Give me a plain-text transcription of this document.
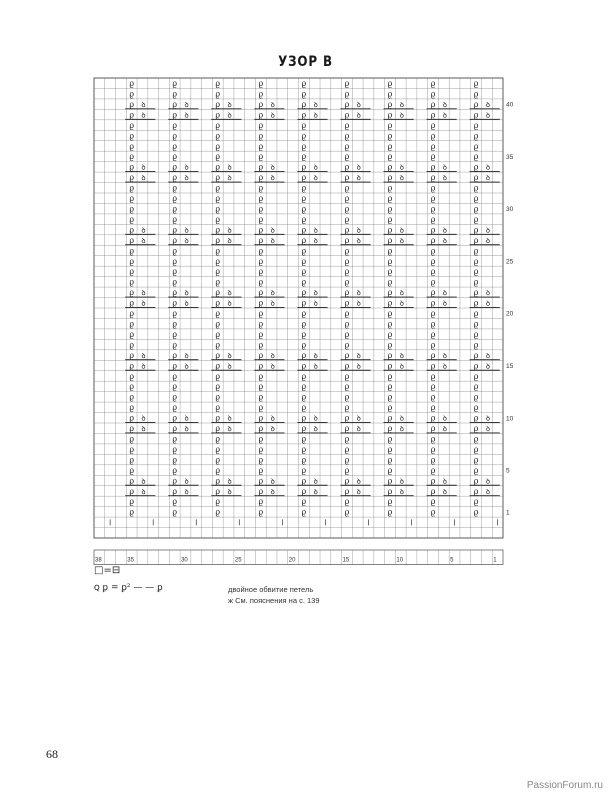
УЗОР В
ϱ
ϱ
ϱ
ϱ
ϱ
ϱ
ϱ
ϱ
ϱ
ϱ
ϱ
ϱ
ϱ
ϱ
ϱ
ϱ
ϱ
ϱ
ϱ ꝺ
ϱ ꝺ
ϱ ꝺ
ϱ ꝺ
ϱ ꝺ
ϱ ꝺ
ϱ ꝺ
ϱ ꝺ
ϱ ꝺ
ϱ ꝺ
ϱ ꝺ
ϱ ꝺ
ϱ ꝺ
ϱ ꝺ
ϱ ꝺ
ϱ ꝺ
ϱ ꝺ
ϱ ꝺ
ϱ
ϱ
ϱ
ϱ
ϱ
ϱ
ϱ
ϱ
ϱ
ϱ
ϱ
ϱ
ϱ
ϱ
ϱ
ϱ
ϱ
ϱ
ϱ
ϱ
ϱ
ϱ
ϱ
ϱ
ϱ
ϱ
ϱ
ϱ
ϱ
ϱ
ϱ
ϱ
ϱ
ϱ
ϱ
ϱ
ϱ ꝺ
ϱ ꝺ
ϱ ꝺ
ϱ ꝺ
ϱ ꝺ
ϱ ꝺ
ϱ ꝺ
ϱ ꝺ
ϱ ꝺ
ϱ ꝺ
ϱ ꝺ
ϱ ꝺ
ϱ ꝺ
ϱ ꝺ
ϱ ꝺ
ϱ ꝺ
ϱ ꝺ
ϱ ꝺ
ϱ
ϱ
ϱ
ϱ
ϱ
ϱ
ϱ
ϱ
ϱ
ϱ
ϱ
ϱ
ϱ
ϱ
ϱ
ϱ
ϱ
ϱ
ϱ
ϱ
ϱ
ϱ
ϱ
ϱ
ϱ
ϱ
ϱ
ϱ
ϱ
ϱ
ϱ
ϱ
ϱ
ϱ
ϱ
ϱ
ϱ ꝺ
ϱ ꝺ
ϱ ꝺ
ϱ ꝺ
ϱ ꝺ
ϱ ꝺ
ϱ ꝺ
ϱ ꝺ
ϱ ꝺ
ϱ ꝺ
ϱ ꝺ
ϱ ꝺ
ϱ ꝺ
ϱ ꝺ
ϱ ꝺ
ϱ ꝺ
ϱ ꝺ
ϱ ꝺ
ϱ
ϱ
ϱ
ϱ
ϱ
ϱ
ϱ
ϱ
ϱ
ϱ
ϱ
ϱ
ϱ
ϱ
ϱ
ϱ
ϱ
ϱ
ϱ
ϱ
ϱ
ϱ
ϱ
ϱ
ϱ
ϱ
ϱ
ϱ
ϱ
ϱ
ϱ
ϱ
ϱ
ϱ
ϱ
ϱ
ϱ ꝺ
ϱ ꝺ
ϱ ꝺ
ϱ ꝺ
ϱ ꝺ
ϱ ꝺ
ϱ ꝺ
ϱ ꝺ
ϱ ꝺ
ϱ ꝺ
ϱ ꝺ
ϱ ꝺ
ϱ ꝺ
ϱ ꝺ
ϱ ꝺ
ϱ ꝺ
ϱ ꝺ
ϱ ꝺ
ϱ
ϱ
ϱ
ϱ
ϱ
ϱ
ϱ
ϱ
ϱ
ϱ
ϱ
ϱ
ϱ
ϱ
ϱ
ϱ
ϱ
ϱ
ϱ
ϱ
ϱ
ϱ
ϱ
ϱ
ϱ
ϱ
ϱ
ϱ
ϱ
ϱ
ϱ
ϱ
ϱ
ϱ
ϱ
ϱ
ϱ ꝺ
ϱ ꝺ
ϱ ꝺ
ϱ ꝺ
ϱ ꝺ
ϱ ꝺ
ϱ ꝺ
ϱ ꝺ
ϱ ꝺ
ϱ ꝺ
ϱ ꝺ
ϱ ꝺ
ϱ ꝺ
ϱ ꝺ
ϱ ꝺ
ϱ ꝺ
ϱ ꝺ
ϱ ꝺ
ϱ
ϱ
ϱ
ϱ
ϱ
ϱ
ϱ
ϱ
ϱ
ϱ
ϱ
ϱ
ϱ
ϱ
ϱ
ϱ
ϱ
ϱ
ϱ
ϱ
ϱ
ϱ
ϱ
ϱ
ϱ
ϱ
ϱ
ϱ
ϱ
ϱ
ϱ
ϱ
ϱ
ϱ
ϱ
ϱ
ϱ ꝺ
ϱ ꝺ
ϱ ꝺ
ϱ ꝺ
ϱ ꝺ
ϱ ꝺ
ϱ ꝺ
ϱ ꝺ
ϱ ꝺ
ϱ ꝺ
ϱ ꝺ
ϱ ꝺ
ϱ ꝺ
ϱ ꝺ
ϱ ꝺ
ϱ ꝺ
ϱ ꝺ
ϱ ꝺ
ϱ
ϱ
ϱ
ϱ
ϱ
ϱ
ϱ
ϱ
ϱ
ϱ
ϱ
ϱ
ϱ
ϱ
ϱ
ϱ
ϱ
ϱ
ϱ
ϱ
ϱ
ϱ
ϱ
ϱ
ϱ
ϱ
ϱ
ϱ
ϱ
ϱ
ϱ
ϱ
ϱ
ϱ
ϱ
ϱ
ϱ ꝺ
ϱ ꝺ
ϱ ꝺ
ϱ ꝺ
ϱ ꝺ
ϱ ꝺ
ϱ ꝺ
ϱ ꝺ
ϱ ꝺ
ϱ ꝺ
ϱ ꝺ
ϱ ꝺ
ϱ ꝺ
ϱ ꝺ
ϱ ꝺ
ϱ ꝺ
ϱ ꝺ
ϱ ꝺ
ϱ
ϱ
ϱ
ϱ
ϱ
ϱ
ϱ
ϱ
ϱ
ϱ
ϱ
ϱ
ϱ
ϱ
ϱ
ϱ
ϱ
ϱ	1
5
10
15
20
25
30
35
40
38	35	30	25	20	15	10	5	1
□=⊟
ꞯ ꝑ = ꝑ² — — ꝑ	двойное обвитие петель
ж См. пояснения на с. 139
68
PassionForum.ru
